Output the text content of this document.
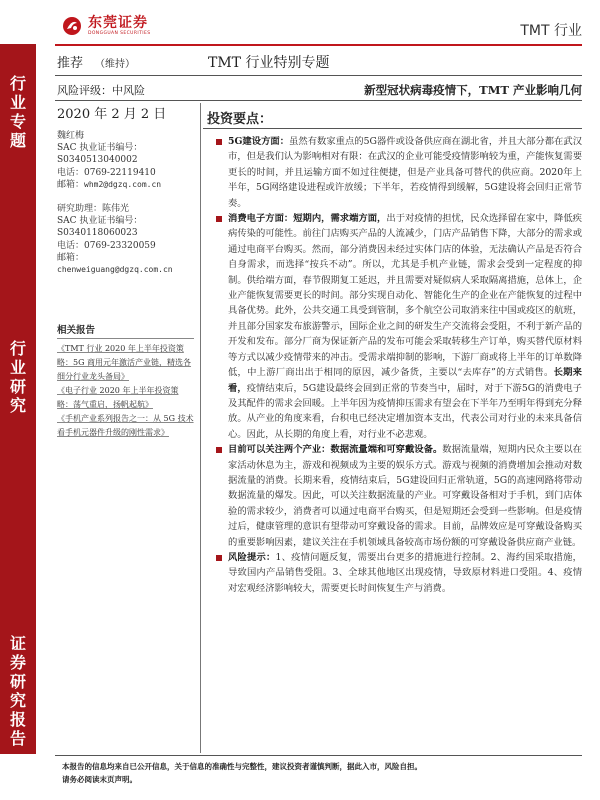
东莞证券
DONGGUAN SECURITIES	TMT 行业
行业专题
行业研究
证券研究报告
推荐 （维持）	TMT 行业特别专题
风险评级：中风险	新型冠状病毒疫情下，TMT 产业影响几何
2020 年 2 月 2 日
魏红梅
SAC 执业证书编号：
S0340513040002
电话：0769-22119410
邮箱：whm2@dgzq.com.cn
研究助理：陈伟光
SAC 执业证书编号：
S0340118060023
电话：0769-23320059
邮箱：
chenweiguang@dgzq.com.cn
相关报告
《TMT 行业 2020 年上半年投资策略：5G 商用元年激活产业链，精选各细分行业龙头备局》
《电子行业 2020 年上半年投资策略：荡气重启，扬帆起航》
《手机产业系列报告之一：从 5G 技术看手机元器件升级的刚性需求》
投资要点：
5G建设方面：虽然有数家重点的5G器件或设备供应商在湖北省，并且大部分都在武汉市，但是我们认为影响相对有限：在武汉的企业可能受疫情影响较为重，产能恢复需要更长的时间，并且运输方面不如过往便捷，但是产业具备可替代的供应商。2020年上半年，5G网络建设进程或许放缓；下半年，若疫情得到缓解，5G建设将会回归正常节奏。
消费电子方面：短期内，需求端方面，出于对疫情的担忧，民众选择留在家中，降低疾病传染的可能性。前往门店购买产品的人流减少，门店产品销售下降，大部分的需求或通过电商平台购买。然而，部分消费因未经过实体门店的体验，无法确认产品是否符合自身需求，而选择“按兵不动”。所以，尤其是手机产业链，需求会受到一定程度的抑制。供给端方面，春节假期复工延迟，并且需要对疑似病人采取隔离措施，总体上，企业产能恢复需要更长的时间。部分实现自动化、智能化生产的企业在产能恢复的过程中具备优势。此外，公共交通工具受到管制，多个航空公司取消来往中国或疫区的航班，并且部分国家发布旅游警示，国际企业之间的研发生产交流将会受阻，不利于新产品的开发和发布。部分厂商为保证新产品的发布可能会采取转移生产订单，购买替代原材料等方式以减少疫情带来的冲击。受需求端抑制的影响，下游厂商或将上半年的订单数降低，中上游厂商出出于相同的原因，减少备货，主要以“去库存”的方式销售。长期来看，疫情结束后，5G建设最终会回到正常的节奏当中，届时，对于下游5G的消费电子及其配件的需求会回暖。上半年因为疫情抑压需求有望会在下半年乃至明年得到充分释放。从产业的角度来看，台积电已经决定增加资本支出，代表公司对行业的未来具备信心。因此，从长期的角度上看，对行业不必悲观。
目前可以关注两个产业：数据流量端和可穿戴设备。数据流量端，短期内民众主要以在家活动休息为主，游戏和视频成为主要的娱乐方式。游戏与视频的消费增加会推动对数据流量的消费。长期来看，疫情结束后，5G建设回归正常轨道，5G的高速网路将带动数据流量的爆发。因此，可以关注数据流量的产业。可穿戴设备相对于手机，到门店体验的需求较少，消费者可以通过电商平台购买，但是短期还会受到一些影响。但是疫情过后，健康管理的意识有望带动可穿戴设备的需求。目前，品牌效应是可穿戴设备购买的重要影响因素，建议关注在手机领域具备较高市场份额的可穿戴设备供应商产业链。
风险提示：1、疫情问题反复，需要出台更多的措施进行控制。2、海约国采取措施，导致国内产品销售受阻。3、全球其他地区出现疫情，导致原材料进口受阻。4、疫情对宏观经济影响较大，需要更长时间恢复生产与消费。
本报告的信息均来自已公开信息，关于信息的准确性与完整性，建议投资者谨慎判断，据此入市，风险自担。
请务必阅读末页声明。
